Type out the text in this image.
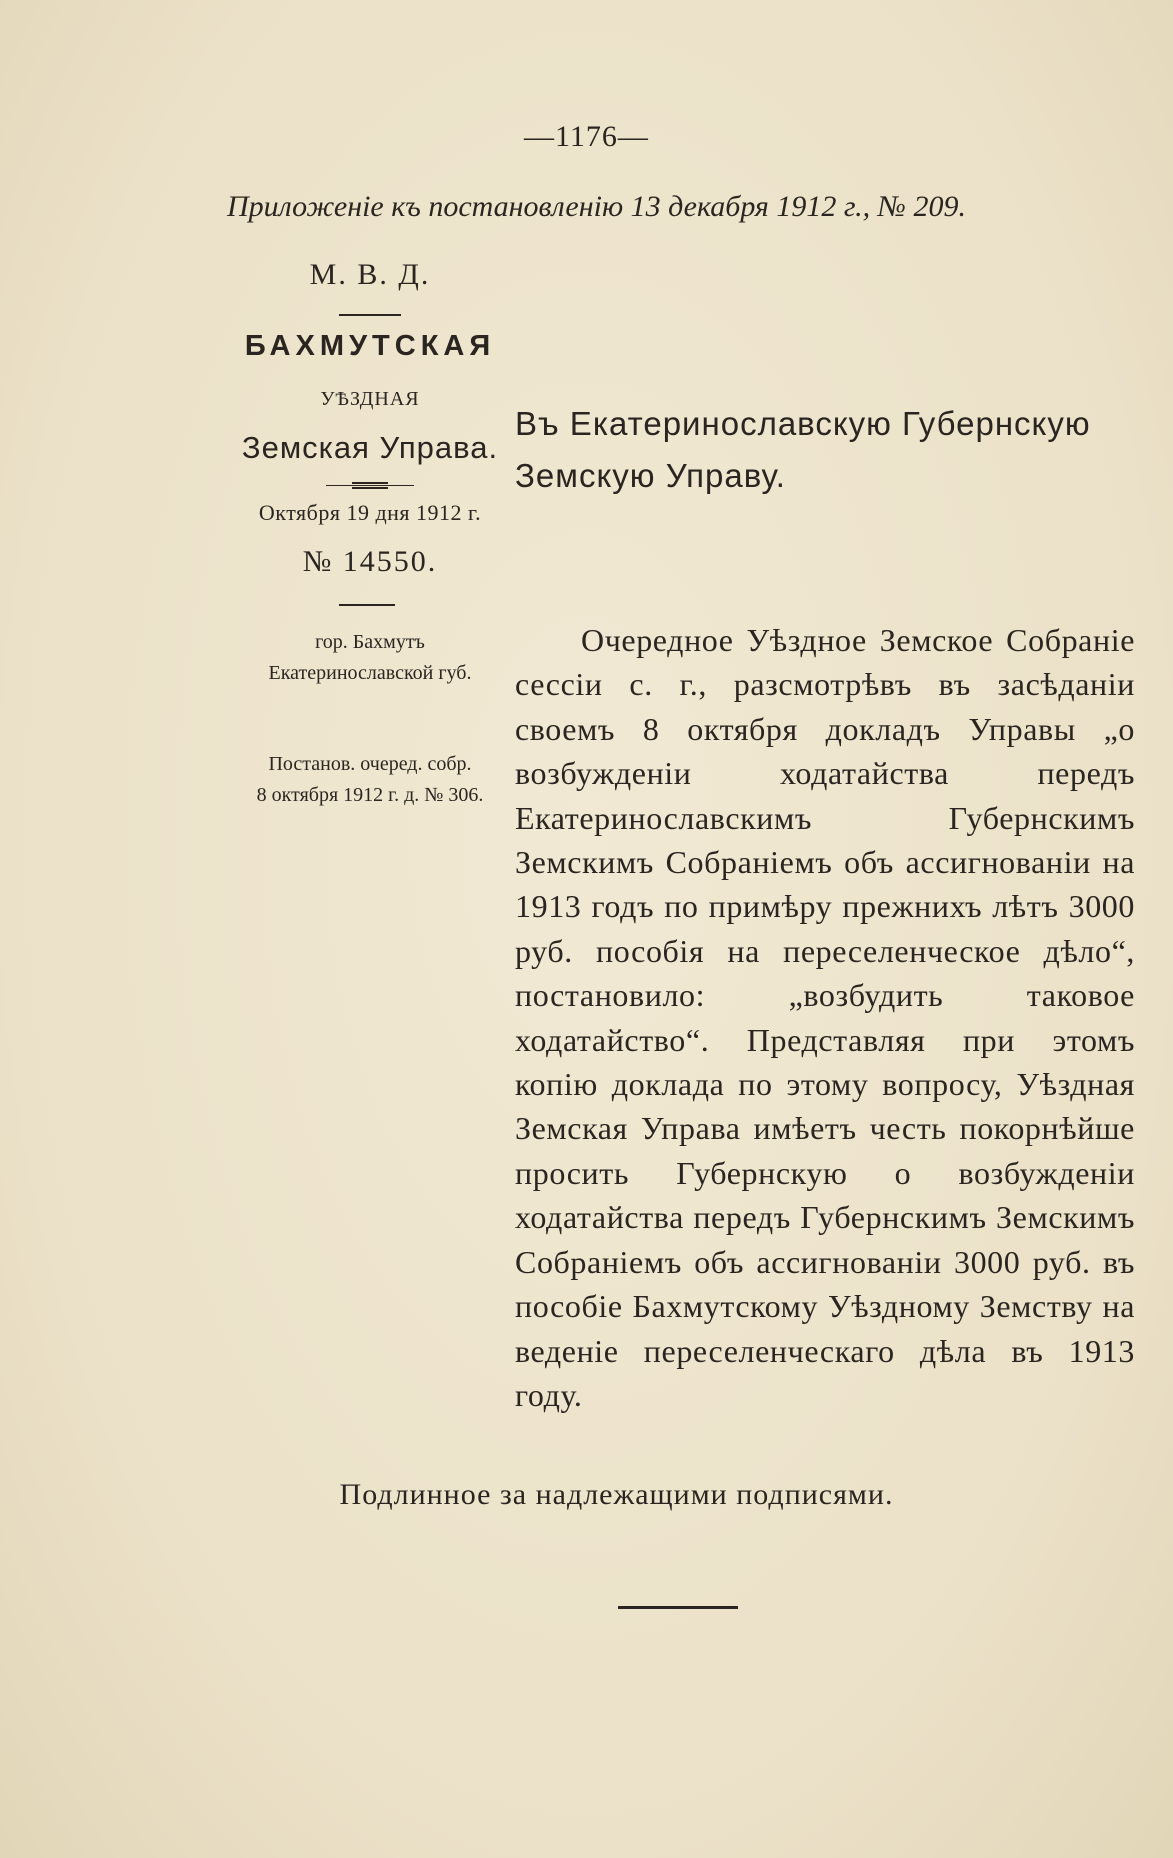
—1176—
Приложенiе къ постановленiю 13 декабря 1912 г., № 209.
М. В. Д.
БАХМУТСКАЯ
УѢЗДНАЯ
Земская Управа.
Октября 19 дня 1912 г.
№ 14550.
гор. Бахмутъ
Екатеринославской губ.
Постанов. очеред. собр.
8 октября 1912 г. д. № 306.
Въ Екатеринославскую Губернскую Земскую Управу.
Очередное Уѣздное Земское Собранiе сессiи с. г., разсмотрѣвъ въ засѣданiи своемъ 8 октября докладъ Управы „о возбужденiи ходатайства передъ Екатеринославскимъ Губернскимъ Земскимъ Собранiемъ объ ассигнованiи на 1913 годъ по примѣру прежнихъ лѣтъ 3000 руб. пособiя на переселенческое дѣло“, постановило: „возбудить таковое ходатайство“. Представляя при этомъ копiю доклада по этому вопросу, Уѣздная Земская Управа имѣетъ честь покорнѣйше просить Губернскую о возбужденiи ходатайства передъ Губернскимъ Земскимъ Собранiемъ объ ассигнованiи 3000 руб. въ пособiе Бахмутскому Уѣздному Земству на веденiе переселенческаго дѣла въ 1913 году.
Подлинное за надлежащими подписями.
